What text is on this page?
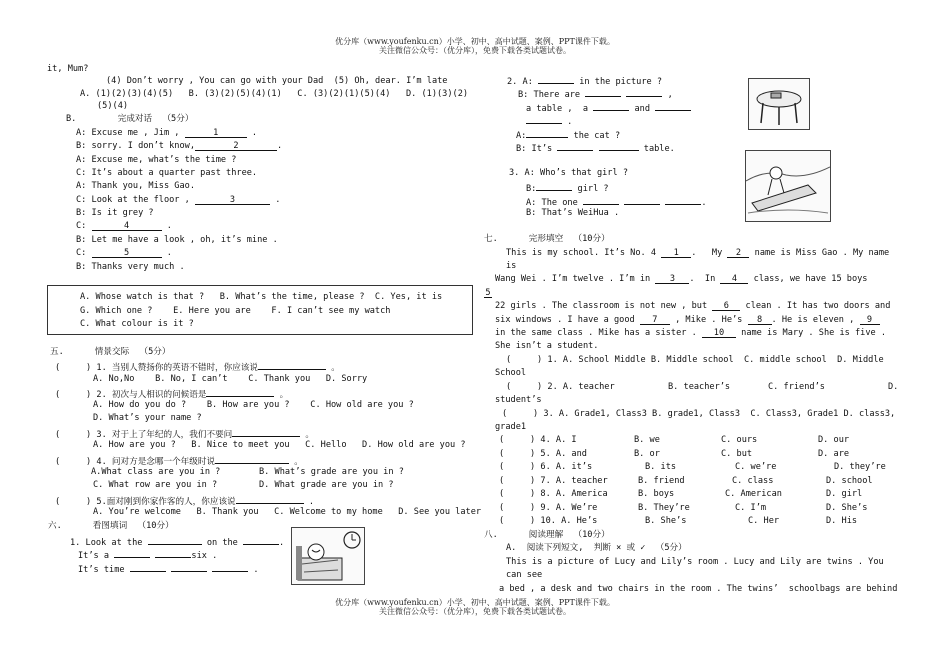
优分库（www.youfenku.cn）小学、初中、高中试题、案例、PPT课件下载。
关注微信公众号：（优分库），免费下载各类试题试卷。
it, Mum?
(4) Don’t worry , You can go with your Dad  (5) Oh, dear. I’m late
A. (1)(2)(3)(4)(5)   B. (3)(2)(5)(4)(1)   C. (3)(2)(1)(5)(4)   D. (1)(3)(2)
(5)(4)
B.        完成对话  （5分）
A: Excuse me , Jim ,	1	.
B: sorry. I don’t know,	2	.
A: Excuse me, what’s the time ?
C: It’s about a quarter past three.
A: Thank you, Miss Gao.
C: Look at the floor ,	3	.
B: Is it grey ?
C:	4	.
B: Let me have a look , oh, it’s mine .
C:	5	.
B: Thanks very much .
A. Whose watch is that ?   B. What’s the time, please ?  C. Yes, it is
G. Which one ?    E. Here you are    F. I can’t see my watch
C. What colour is it ?
五.      情景交际  （5分）
(     ) 1. 当别人赞扬你的英语不错时，你应该说	。
A. No,No    B. No, I can’t    C. Thank you   D. Sorry
(     ) 2. 初次与人相识的问候语是	。
A. How do you do ?    B. How are you ?    C. How old are you ?
D. What’s your name ?
(     ) 3. 对于上了年纪的人，我们不要问	。
A. How are you ?   B. Nice to meet you   C. Hello   D. How old are you ?
(     ) 4. 问对方是念哪一个年级时说	。
A.What class are you in ?	B. What’s grade are you in ?
C. What row are you in ?	D. What grade are you in ?
(     ) 5.面对刚到你家作客的人，你应该说	.
A. You’re welcome   B. Thank you   C. Welcome to my home   D. See you later
六.      看图填词  （10分）
1. Look at the	on the	.
It’s a	six .
It’s time	.
2. A:	in the picture ?
B: There are	,
a table ,  a	and
.
A:	the cat ?
B: It’s	table.
3. A: Who’s that girl ?
B:	girl ?
A: The one	.
B: That’s WeiHua .
七.      完形填空  （10分）
This is my school. It’s No. 4 1 .   My 2 name is Miss Gao . My name
is
Wang Wei . I’m twelve . I’m in 3 .  In 4 class, we have 15 boys
5
22 girls . The classroom is not new , but 6 clean . It has two doors and
six windows . I have a good 7 , Mike . He’s 8 . He is eleven , 9
in the same class . Mike has a sister . 10 name is Mary . She is five .
She isn’t a student.
(     ) 1. A. School Middle B. Middle school  C. middle school  D. Middle
School
(     ) 2. A. teacher	B. teacher’s	C. friend’s	D.
student’s
(     ) 3. A. Grade1, Class3 B. grade1, Class3  C. Class3, Grade1 D. class3,
grade1
(     ) 4. A. I	B. we	C. ours	D. our
(     ) 5. A. and	B. or	C. but	D. are
(     ) 6. A. it’s	B. its	C. we’re	D. they’re
(     ) 7. A. teacher	B. friend	C. class	D. school
(     ) 8. A. America	B. boys	C. American	D. girl
(     ) 9. A. We’re	B. They’re	C. I’m	D. She’s
(     ) 10. A. He’s	B. She’s	C. Her	D. His
八.      阅读理解  （10分）
A.  阅读下列短文,  判断 × 或 ✓  （5分）
This is a picture of Lucy and Lily’s room . Lucy and Lily are twins . You
can see
a bed , a desk and two chairs in the room . The twins’  schoolbags are behind
优分库（www.youfenku.cn）小学、初中、高中试题、案例、PPT课件下载。
关注微信公众号：（优分库），免费下载各类试题试卷。
